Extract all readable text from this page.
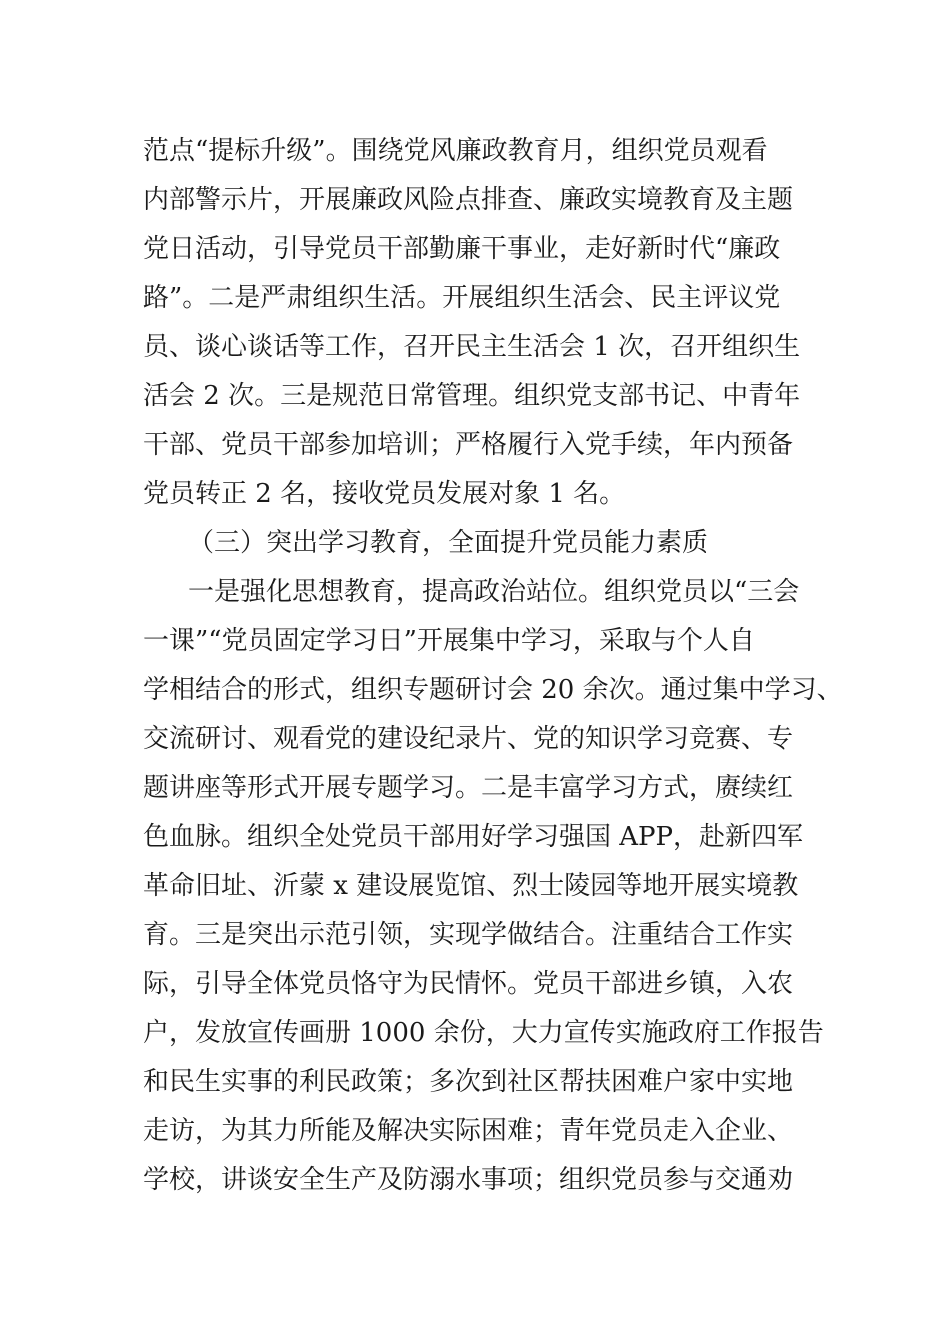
范点“提标升级”。围绕党风廉政教育月，组织党员观看
内部警示片，开展廉政风险点排查、廉政实境教育及主题
党日活动，引导党员干部勤廉干事业，走好新时代“廉政
路”。二是严肃组织生活。开展组织生活会、民主评议党
员、谈心谈话等工作，召开民主生活会 1 次，召开组织生
活会 2 次。三是规范日常管理。组织党支部书记、中青年
干部、党员干部参加培训；严格履行入党手续，年内预备
党员转正 2 名，接收党员发展对象 1 名。
（三）突出学习教育，全面提升党员能力素质
一是强化思想教育，提高政治站位。组织党员以“三会
一课”“党员固定学习日”开展集中学习，采取与个人自
学相结合的形式，组织专题研讨会 20 余次。通过集中学习、
交流研讨、观看党的建设纪录片、党的知识学习竞赛、专
题讲座等形式开展专题学习。二是丰富学习方式，赓续红
色血脉。组织全处党员干部用好学习强国 APP，赴新四军
革命旧址、沂蒙 x 建设展览馆、烈士陵园等地开展实境教
育。三是突出示范引领，实现学做结合。注重结合工作实
际，引导全体党员恪守为民情怀。党员干部进乡镇，入农
户，发放宣传画册 1000 余份，大力宣传实施政府工作报告
和民生实事的利民政策；多次到社区帮扶困难户家中实地
走访，为其力所能及解决实际困难；青年党员走入企业、
学校，讲谈安全生产及防溺水事项；组织党员参与交通劝
